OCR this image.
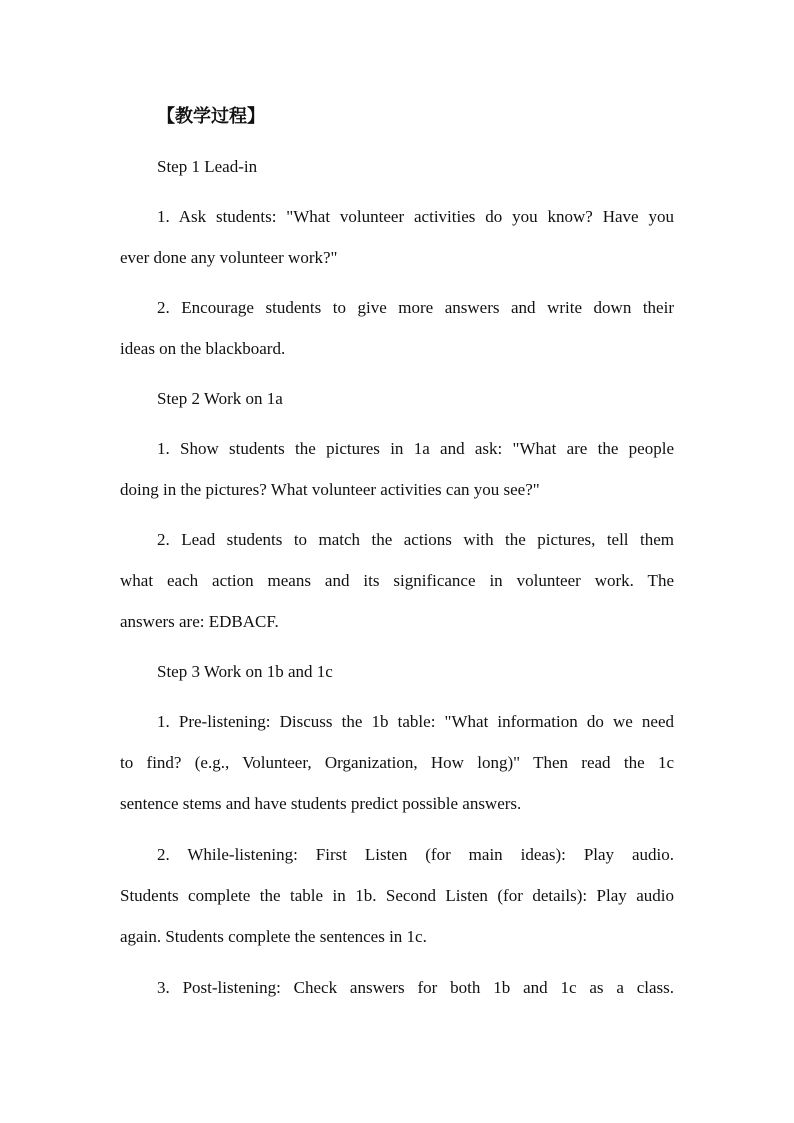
【教学过程】
Step 1 Lead-in
1. Ask students: "What volunteer activities do you know? Have you
ever done any volunteer work?"
2. Encourage students to give more answers and write down their
ideas on the blackboard.
Step 2 Work on 1a
1. Show students the pictures in 1a and ask: "What are the people
doing in the pictures? What volunteer activities can you see?"
2. Lead students to match the actions with the pictures, tell them
what each action means and its significance in volunteer work. The
answers are: EDBACF.
Step 3 Work on 1b and 1c
1. Pre-listening: Discuss the 1b table: "What information do we need
to find? (e.g., Volunteer, Organization, How long)" Then read the 1c
sentence stems and have students predict possible answers.
2. While-listening: First Listen (for main ideas): Play audio.
Students complete the table in 1b. Second Listen (for details): Play audio
again. Students complete the sentences in 1c.
3. Post-listening: Check answers for both 1b and 1c as a class.
